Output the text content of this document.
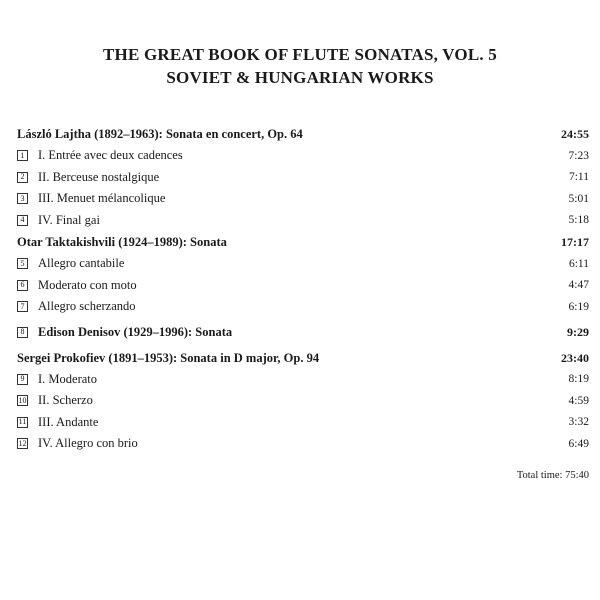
THE GREAT BOOK OF FLUTE SONATAS, VOL. 5
SOVIET & HUNGARIAN WORKS
László Lajtha (1892–1963): Sonata en concert, Op. 64	24:55
1 I. Entrée avec deux cadences	7:23
2 II. Berceuse nostalgique	7:11
3 III. Menuet mélancolique	5:01
4 IV. Final gai	5:18
Otar Taktakishvili (1924–1989): Sonata	17:17
5 Allegro cantabile	6:11
6 Moderato con moto	4:47
7 Allegro scherzando	6:19
8 Edison Denisov (1929–1996): Sonata	9:29
Sergei Prokofiev (1891–1953): Sonata in D major, Op. 94	23:40
9 I. Moderato	8:19
10 II. Scherzo	4:59
11 III. Andante	3:32
12 IV. Allegro con brio	6:49
Total time: 75:40
